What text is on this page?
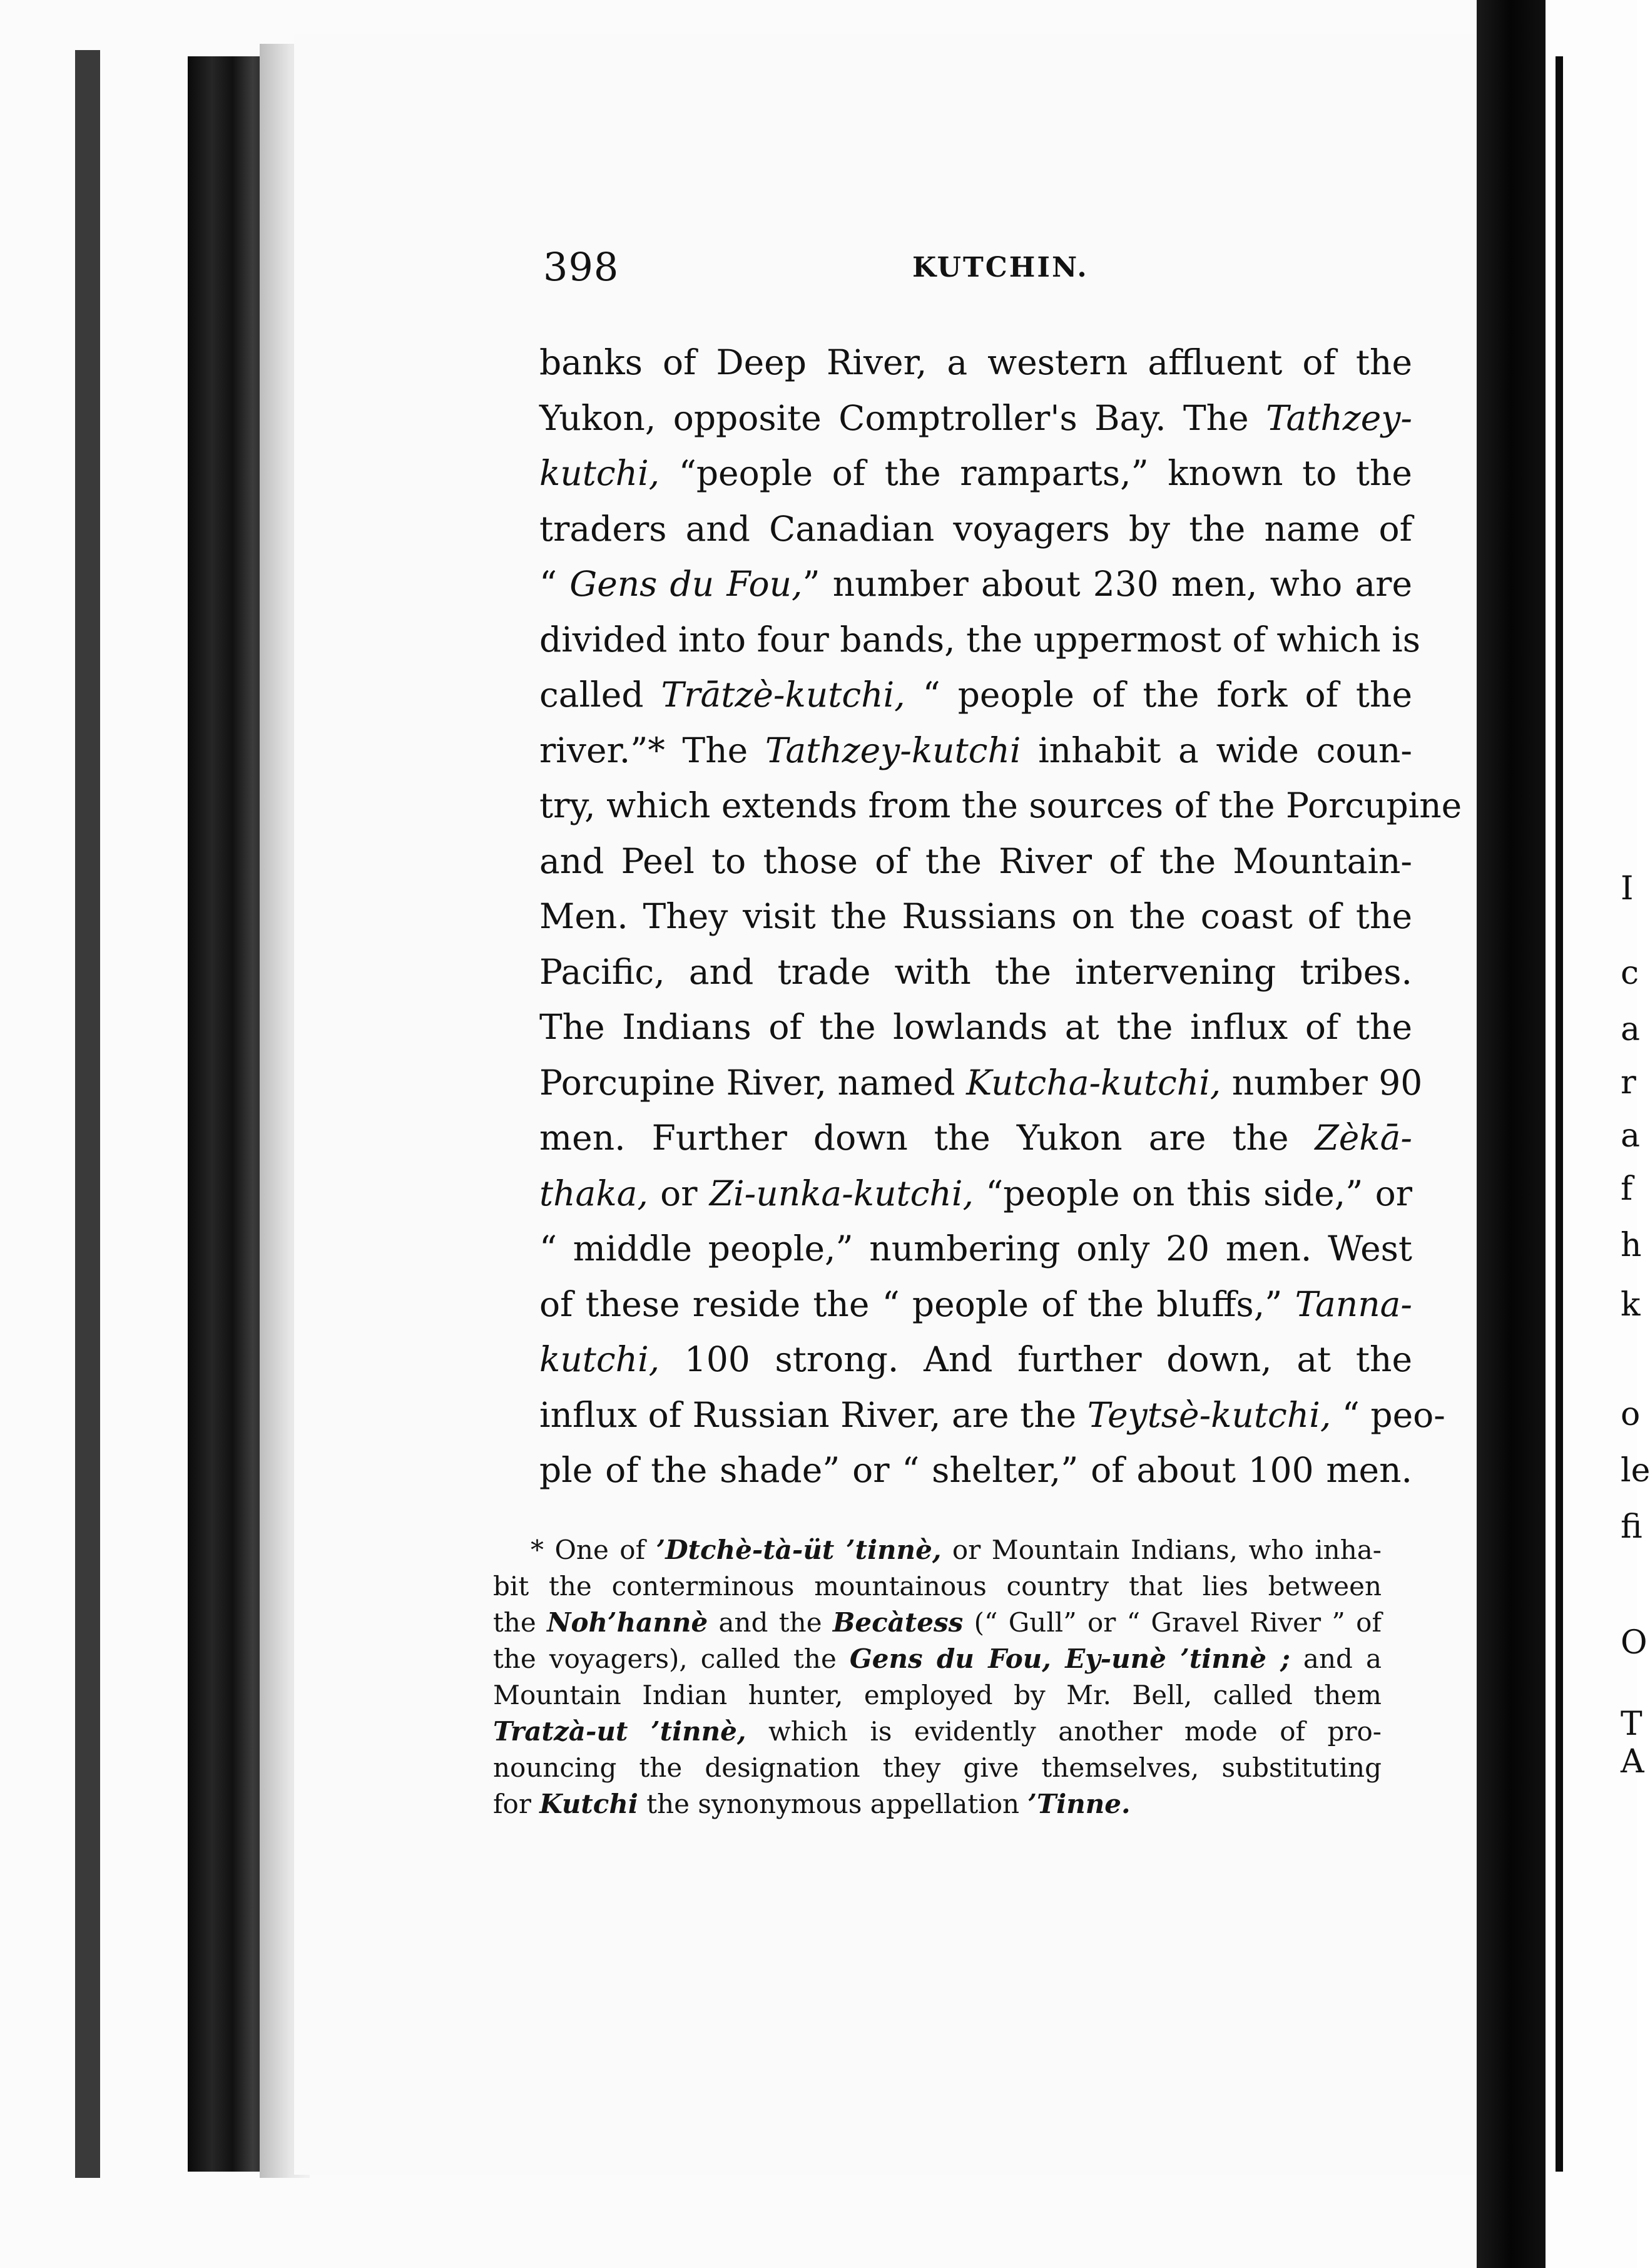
I
c
a
r
a
f
h
k
o
le
fi
O
T
A
398	KUTCHIN.
banks of Deep River, a western affluent of the
Yukon, opposite Comptroller's Bay. The Tathzey-
kutchi, “people of the ramparts,” known to the
traders and Canadian voyagers by the name of
“ Gens du Fou,” number about 230 men, who are
divided into four bands, the uppermost of which is
called Trātzè-kutchi, “ people of the fork of the
river.”* The Tathzey-kutchi inhabit a wide coun-
try, which extends from the sources of the Porcupine
and Peel to those of the River of the Mountain-
Men. They visit the Russians on the coast of the
Pacific, and trade with the intervening tribes.
The Indians of the lowlands at the influx of the
Porcupine River, named Kutcha-kutchi, number 90
men. Further down the Yukon are the Zèkā-
thaka, or Zi-unka-kutchi, “people on this side,” or
“ middle people,” numbering only 20 men. West
of these reside the “ people of the bluffs,” Tanna-
kutchi, 100 strong. And further down, at the
influx of Russian River, are the Teytsè-kutchi, “ peo-
ple of the shade” or “ shelter,” of about 100 men.
* One of ’Dtchè-tà-üt ’tinnè, or Mountain Indians, who inha-
bit the conterminous mountainous country that lies between
the Noh’hannè and the Becàtess (“ Gull” or “ Gravel River ” of
the voyagers), called the Gens du Fou, Ey-unè ’tinnè ; and a
Mountain Indian hunter, employed by Mr. Bell, called them
Tratzà-ut ’tinnè, which is evidently another mode of pro-
nouncing the designation they give themselves, substituting
for Kutchi the synonymous appellation ’Tinne.
